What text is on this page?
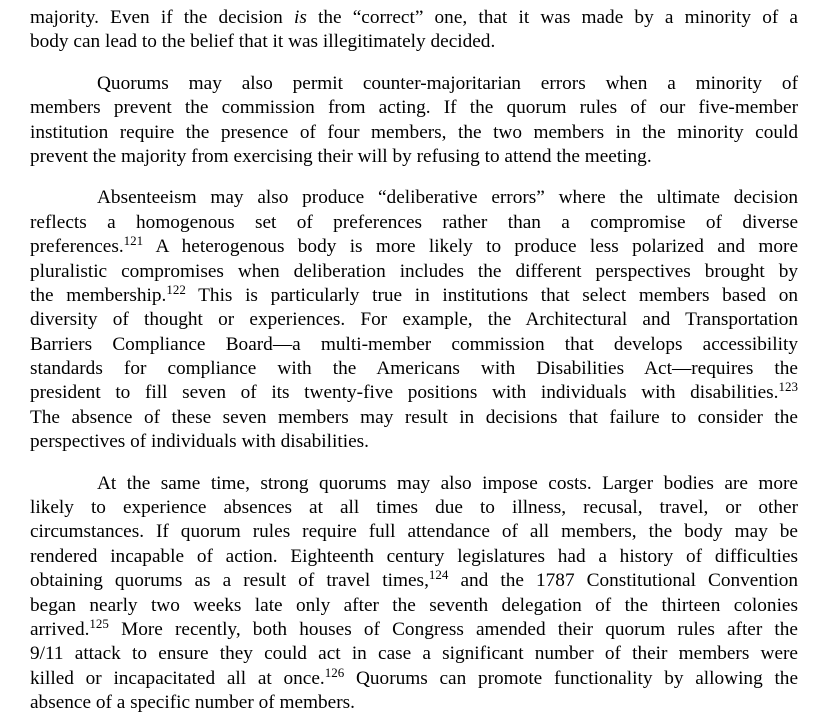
majority. Even if the decision is the “correct” one, that it was made by a minority of a
body can lead to the belief that it was illegitimately decided.
Quorums may also permit counter-majoritarian errors when a minority of
members prevent the commission from acting. If the quorum rules of our five-member
institution require the presence of four members, the two members in the minority could
prevent the majority from exercising their will by refusing to attend the meeting.
Absenteeism may also produce “deliberative errors” where the ultimate decision
reflects a homogenous set of preferences rather than a compromise of diverse
preferences.$^{121}$ A heterogenous body is more likely to produce less polarized and more
pluralistic compromises when deliberation includes the different perspectives brought by
the membership.$^{122}$ This is particularly true in institutions that select members based on
diversity of thought or experiences. For example, the Architectural and Transportation
Barriers Compliance Board—a multi-member commission that develops accessibility
standards for compliance with the Americans with Disabilities Act—requires the
president to fill seven of its twenty-five positions with individuals with disabilities.$^{123}$
The absence of these seven members may result in decisions that failure to consider the
perspectives of individuals with disabilities.
At the same time, strong quorums may also impose costs. Larger bodies are more
likely to experience absences at all times due to illness, recusal, travel, or other
circumstances. If quorum rules require full attendance of all members, the body may be
rendered incapable of action. Eighteenth century legislatures had a history of difficulties
obtaining quorums as a result of travel times,$^{124}$ and the 1787 Constitutional Convention
began nearly two weeks late only after the seventh delegation of the thirteen colonies
arrived.$^{125}$ More recently, both houses of Congress amended their quorum rules after the
9/11 attack to ensure they could act in case a significant number of their members were
killed or incapacitated all at once.$^{126}$ Quorums can promote functionality by allowing the
absence of a specific number of members.
